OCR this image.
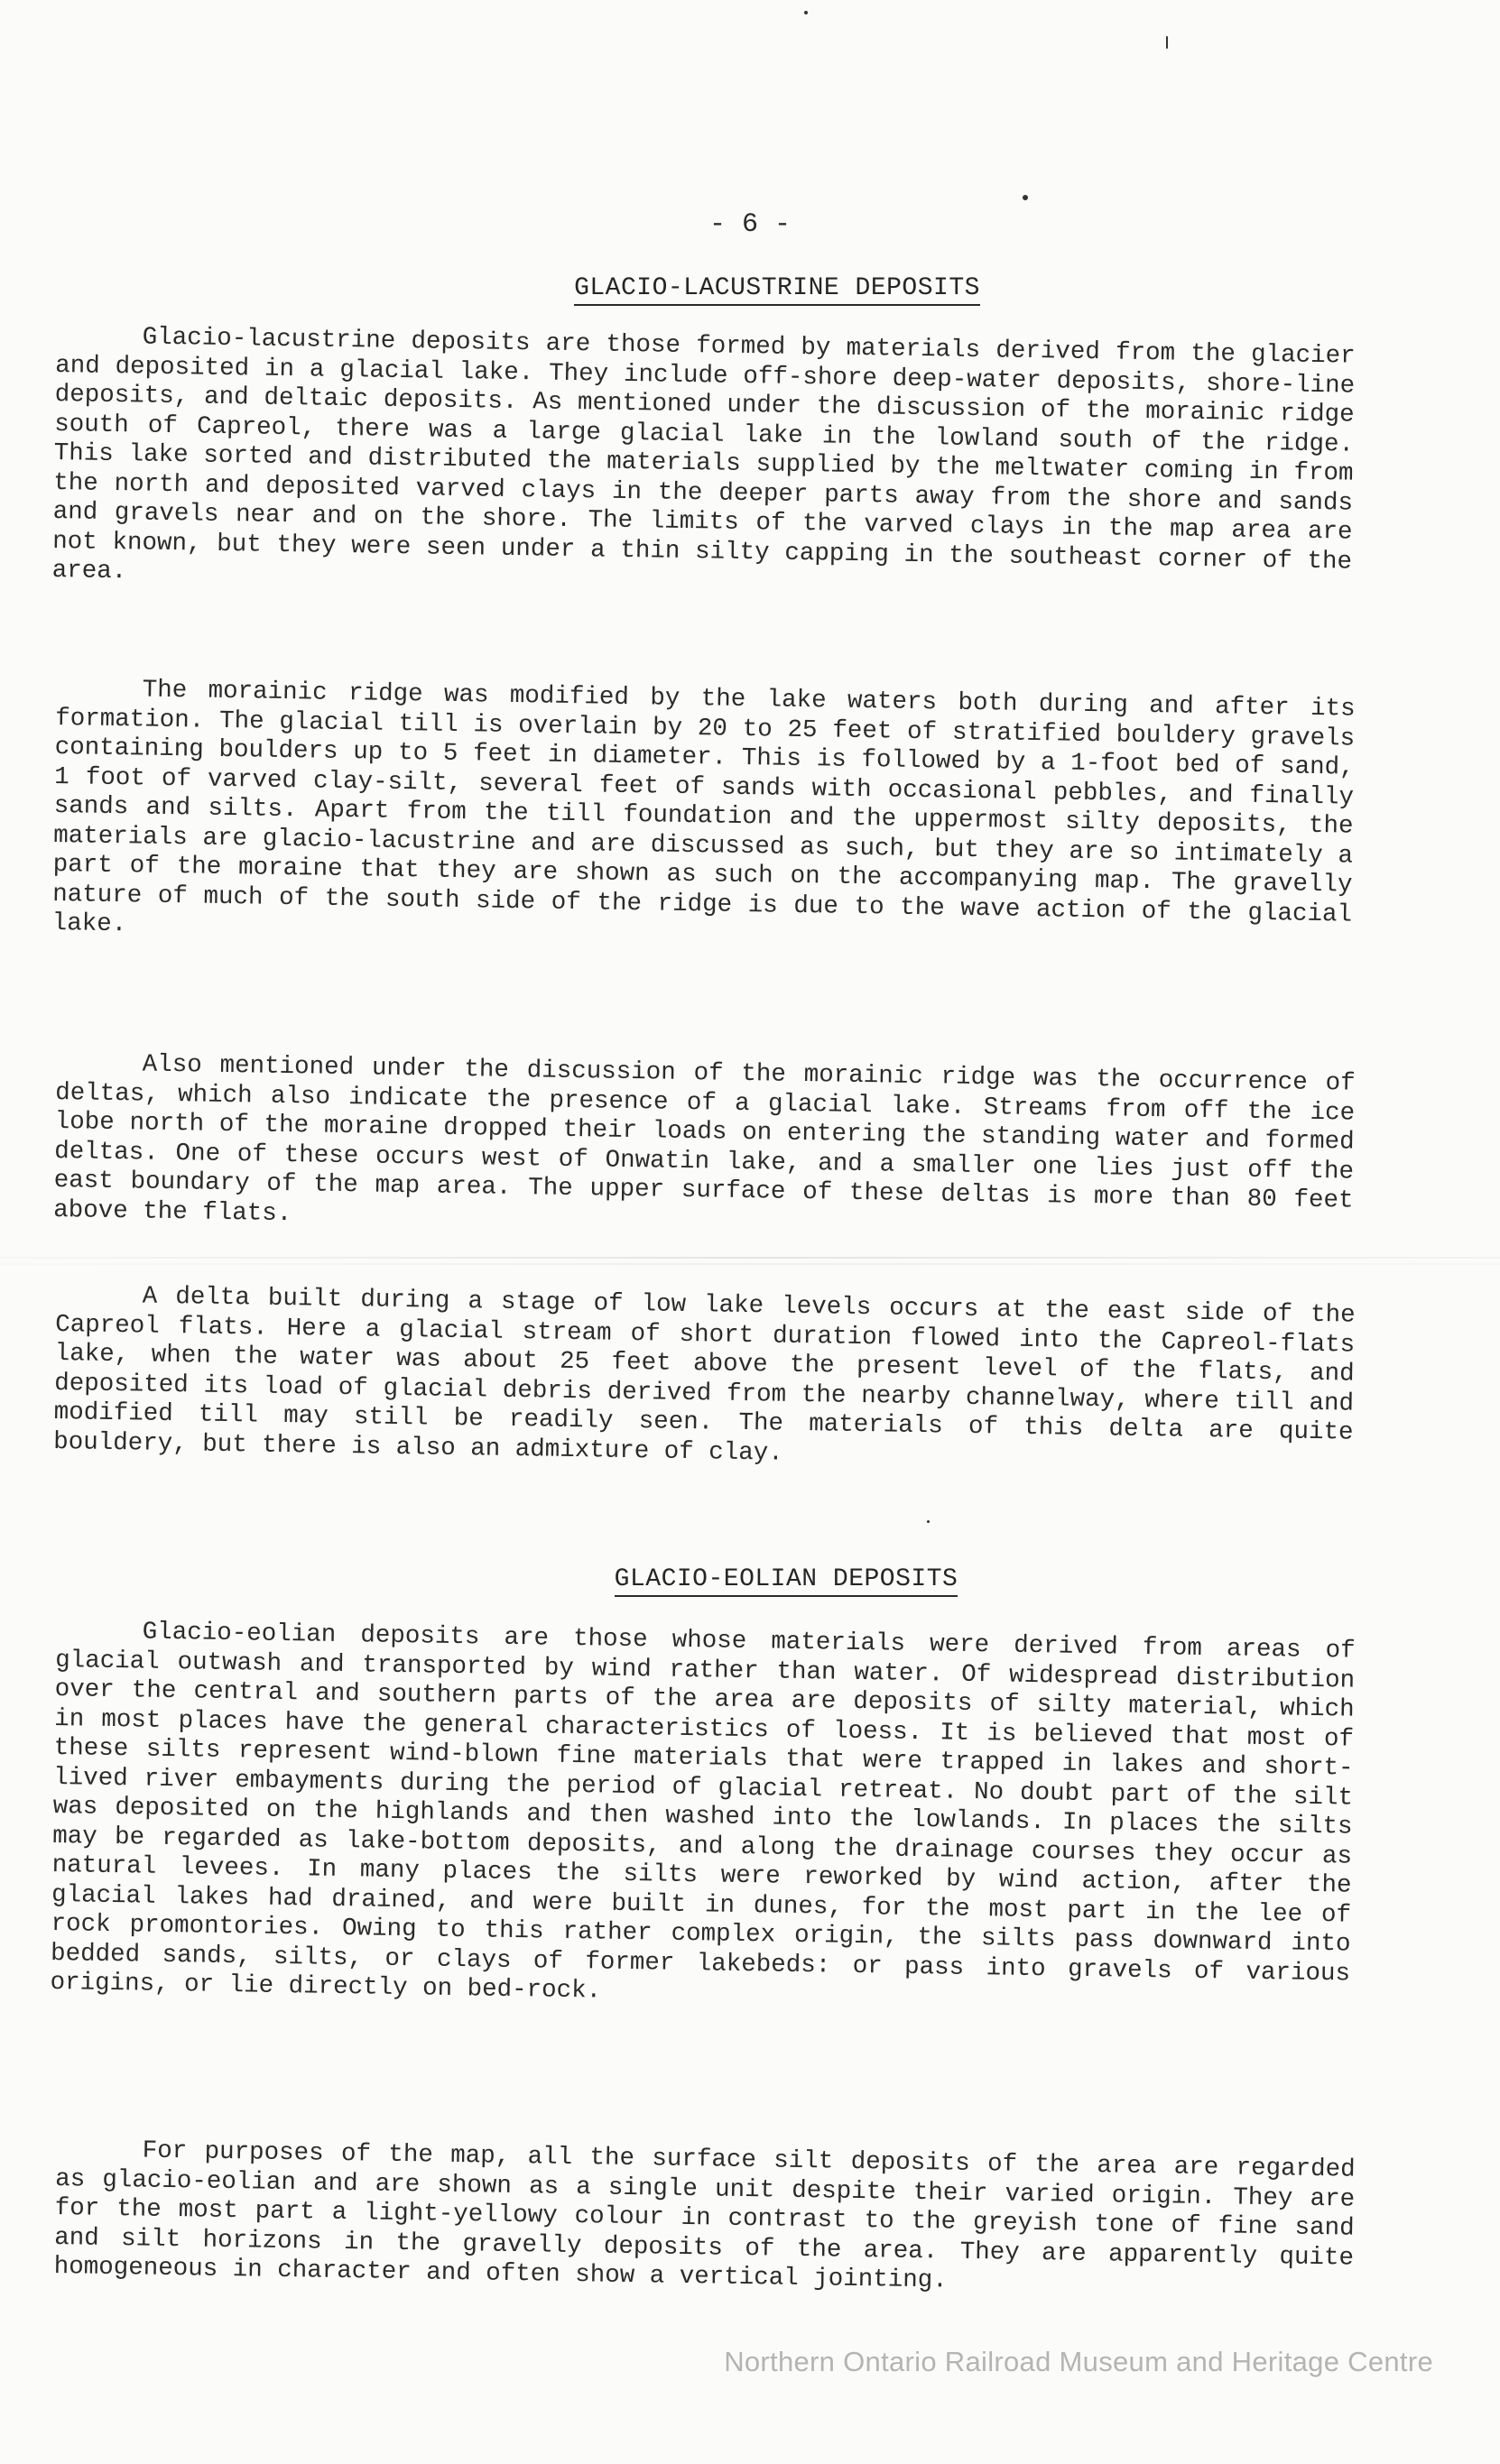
- 6 -
GLACIO-LACUSTRINE DEPOSITS

Glacio-lacustrine deposits are those formed by materials derived from the glacier and deposited in a glacial lake. They include off-shore deep-water deposits, shore-line deposits, and deltaic deposits. As mentioned under the discussion of the morainic ridge south of Capreol, there was a large glacial lake in the lowland south of the ridge. This lake sorted and distributed the materials supplied by the meltwater coming in from the north and deposited varved clays in the deeper parts away from the shore and sands and gravels near and on the shore. The limits of the varved clays in the map area are not known, but they were seen under a thin silty capping in the southeast corner of the area.

The morainic ridge was modified by the lake waters both during and after its formation. The glacial till is overlain by 20 to 25 feet of stratified bouldery gravels containing boulders up to 5 feet in diameter. This is followed by a 1-foot bed of sand, 1 foot of varved clay-silt, several feet of sands with occasional pebbles, and finally sands and silts. Apart from the till foundation and the uppermost silty deposits, the materials are glacio-lacustrine and are discussed as such, but they are so intimately a part of the moraine that they are shown as such on the accompanying map. The gravelly nature of much of the south side of the ridge is due to the wave action of the glacial lake.

Also mentioned under the discussion of the morainic ridge was the occurrence of deltas, which also indicate the presence of a glacial lake. Streams from off the ice lobe north of the moraine dropped their loads on entering the standing water and formed deltas. One of these occurs west of Onwatin lake, and a smaller one lies just off the east boundary of the map area. The upper surface of these deltas is more than 80 feet above the flats.

A delta built during a stage of low lake levels occurs at the east side of the Capreol flats. Here a glacial stream of short duration flowed into the Capreol-flats lake, when the water was about 25 feet above the present level of the flats, and deposited its load of glacial debris derived from the nearby channelway, where till and modified till may still be readily seen. The materials of this delta are quite bouldery, but there is also an admixture of clay.

GLACIO-EOLIAN DEPOSITS

Glacio-eolian deposits are those whose materials were derived from areas of glacial outwash and transported by wind rather than water. Of widespread distribution over the central and southern parts of the area are deposits of silty material, which in most places have the general characteristics of loess. It is believed that most of these silts represent wind-blown fine materials that were trapped in lakes and short-lived river embayments during the period of glacial retreat. No doubt part of the silt was deposited on the highlands and then washed into the lowlands. In places the silts may be regarded as lake-bottom deposits, and along the drainage courses they occur as natural levees. In many places the silts were reworked by wind action, after the glacial lakes had drained, and were built in dunes, for the most part in the lee of rock promontories. Owing to this rather complex origin, the silts pass downward into bedded sands, silts, or clays of former lakebeds: or pass into gravels of various origins, or lie directly on bed-rock.

For purposes of the map, all the surface silt deposits of the area are regarded as glacio-eolian and are shown as a single unit despite their varied origin. They are for the most part a light-yellowy colour in contrast to the greyish tone of fine sand and silt horizons in the gravelly deposits of the area. They are apparently quite homogeneous in character and often show a vertical jointing.

Northern Ontario Railroad Museum and Heritage Centre
